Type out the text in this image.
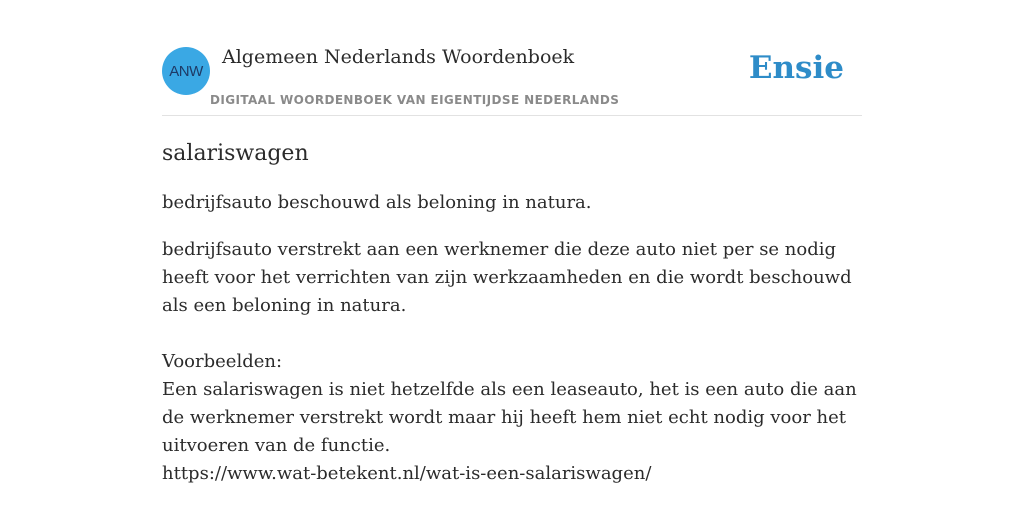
ANW
Algemeen Nederlands Woordenboek
DIGITAAL WOORDENBOEK VAN EIGENTIJDSE NEDERLANDS
Ensie
salariswagen

bedrijfsauto beschouwd als beloning in natura.

bedrijfsauto verstrekt aan een werknemer die deze auto niet per se nodig heeft voor het verrichten van zijn werkzaamheden en die wordt beschouwd als een beloning in natura.

Voorbeelden:

Een salariswagen is niet hetzelfde als een leaseauto, het is een auto die aan de werknemer verstrekt wordt maar hij heeft hem niet echt nodig voor het uitvoeren van de functie.

https://www.wat-betekent.nl/wat-is-een-salariswagen/
